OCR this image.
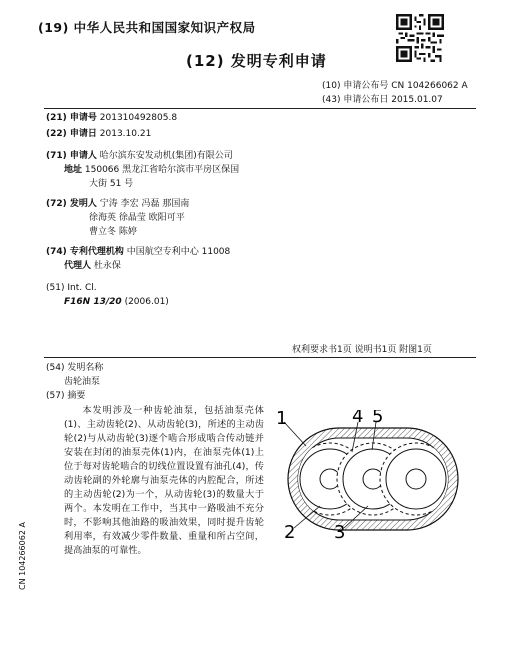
(19) 中华人民共和国国家知识产权局
(12) 发明专利申请
(10) 申请公布号 CN 104266062 A
(43) 申请公布日 2015.01.07
(21) 申请号 201310492805.8
(22) 申请日 2013.10.21
(71) 申请人 哈尔滨东安发动机(集团)有限公司
地址 150066 黑龙江省哈尔滨市平房区保国
大街 51 号
(72) 发明人 宁涛 李宏 冯磊 那国南
徐海英 徐晶莹 欧阳可平
曹立冬 陈婷
(74) 专利代理机构 中国航空专利中心 11008
代理人 杜永保
(51) Int. Cl.
F16N 13/20 (2006.01)
权利要求书1页 说明书1页 附图1页
(54) 发明名称
齿轮油泵
(57) 摘要

本发明涉及一种齿轮油泵，包括油泵壳体(1)、主动齿轮(2)、从动齿轮(3)，所述的主动齿轮(2)与从动齿轮(3)逐个啮合形成啮合传动链并安装在封闭的油泵壳体(1)内，在油泵壳体(1)上位于每对齿轮啮合的切线位置设置有油孔(4)，传动齿轮副的外轮廓与油泵壳体的内腔配合，所述的主动齿轮(2)为一个，从动齿轮(3)的数量大于两个。本发明在工作中，当其中一路吸油不充分时，不影响其他油路的吸油效果，同时提升齿轮利用率，有效减少零件数量、重量和所占空间，提高油泵的可靠性。

1	4 5
2 3
CN 104266062 A
